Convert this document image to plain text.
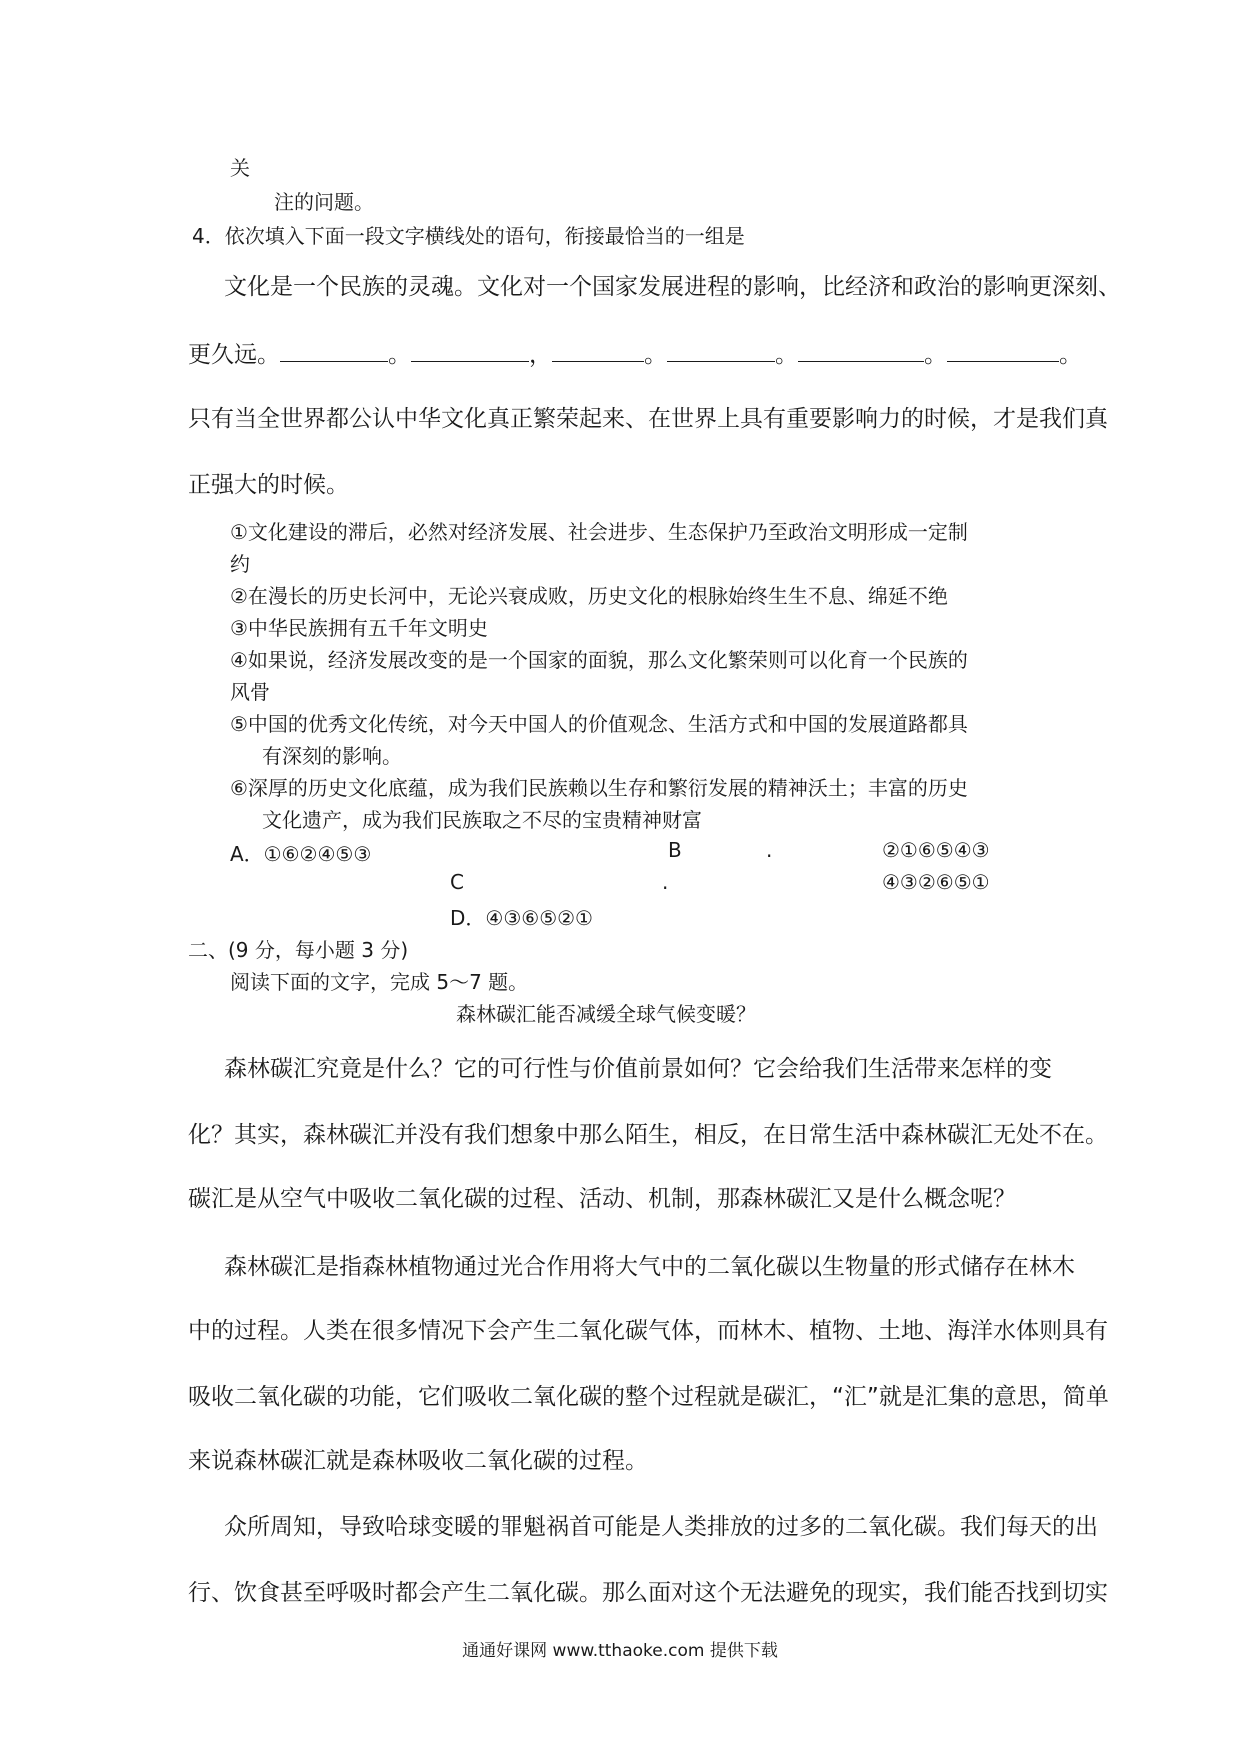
关
注的问题。
4．依次填入下面一段文字横线处的语句，衔接最恰当的一组是
文化是一个民族的灵魂。文化对一个国家发展进程的影响，比经济和政治的影响更深刻、
更久远。	。	，	。	。	。	。
只有当全世界都公认中华文化真正繁荣起来、在世界上具有重要影响力的时候，才是我们真
正强大的时候。
①文化建设的滞后，必然对经济发展、社会进步、生态保护乃至政治文明形成一定制
约
②在漫长的历史长河中，无论兴衰成败，历史文化的根脉始终生生不息、绵延不绝
③中华民族拥有五千年文明史
④如果说，经济发展改变的是一个国家的面貌，那么文化繁荣则可以化育一个民族的
风骨
⑤中国的优秀文化传统，对今天中国人的价值观念、生活方式和中国的发展道路都具
有深刻的影响。
⑥深厚的历史文化底蕴，成为我们民族赖以生存和繁衍发展的精神沃土；丰富的历史
文化遗产，成为我们民族取之不尽的宝贵精神财富
A．①⑥②④⑤③	B	.	②①⑥⑤④③
C	.	④③②⑥⑤①
D．④③⑥⑤②①
二、(9 分，每小题 3 分)
阅读下面的文字，完成 5～7 题。
森林碳汇能否减缓全球气候变暖？
森林碳汇究竟是什么？它的可行性与价值前景如何？它会给我们生活带来怎样的变
化？其实，森林碳汇并没有我们想象中那么陌生，相反，在日常生活中森林碳汇无处不在。
碳汇是从空气中吸收二氧化碳的过程、活动、机制，那森林碳汇又是什么概念呢？
森林碳汇是指森林植物通过光合作用将大气中的二氧化碳以生物量的形式储存在林木
中的过程。人类在很多情况下会产生二氧化碳气体，而林木、植物、土地、海洋水体则具有
吸收二氧化碳的功能，它们吸收二氧化碳的整个过程就是碳汇，“汇”就是汇集的意思，简单
来说森林碳汇就是森林吸收二氧化碳的过程。
众所周知，导致哈球变暖的罪魁祸首可能是人类排放的过多的二氧化碳。我们每天的出
行、饮食甚至呼吸时都会产生二氧化碳。那么面对这个无法避免的现实，我们能否找到切实
通通好课网 www.tthaoke.com 提供下载
